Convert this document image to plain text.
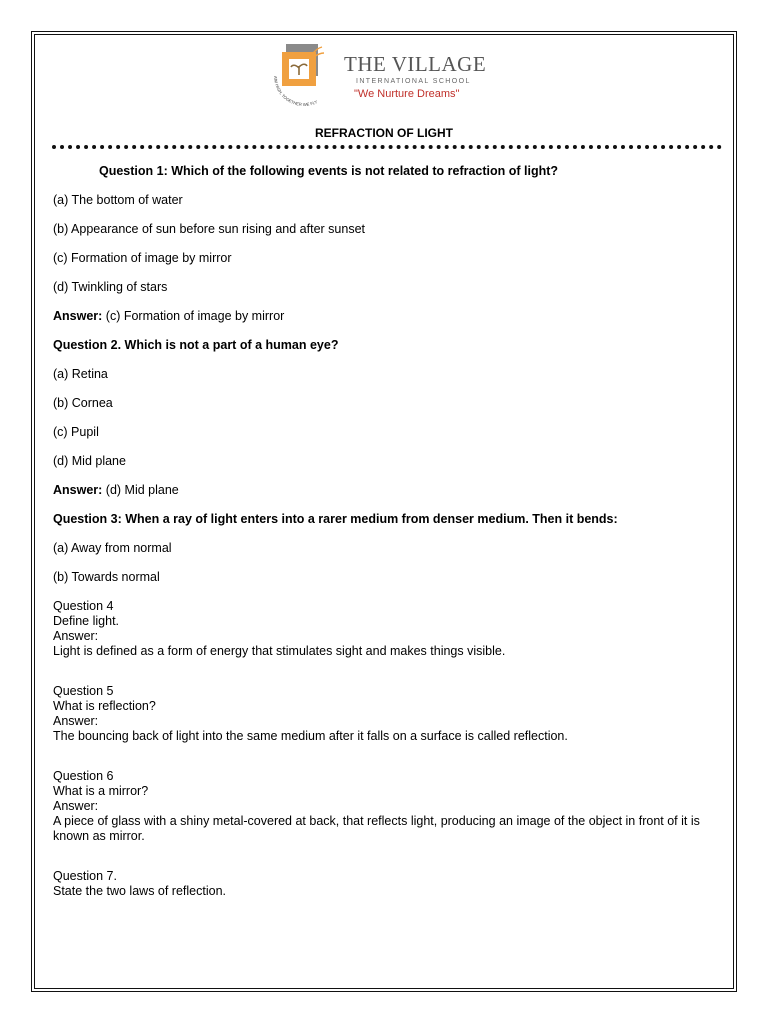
AIM HIGH, TOGETHER WE FLY
THE VILLAGE
INTERNATIONAL SCHOOL
"We Nurture Dreams"
REFRACTION OF LIGHT

Question 1: Which of the following events is not related to refraction of light?

(a) The bottom of water

(b) Appearance of sun before sun rising and after sunset

(c) Formation of image by mirror

(d) Twinkling of stars

Answer: (c) Formation of image by mirror

Question 2. Which is not a part of a human eye?

(a) Retina

(b) Cornea

(c) Pupil

(d) Mid plane

Answer: (d) Mid plane

Question 3: When a ray of light enters into a rarer medium from denser medium. Then it bends:

(a) Away from normal

(b) Towards normal

Question 4

Define light.

Answer:

Light is defined as a form of energy that stimulates sight and makes things visible.

Question 5

What is reflection?

Answer:

The bouncing back of light into the same medium after it falls on a surface is called reflection.

Question 6

What is a mirror?

Answer:

A piece of glass with a shiny metal-covered at back, that reflects light, producing an image of the object in front of it is known as mirror.

Question 7.

State the two laws of reflection.
